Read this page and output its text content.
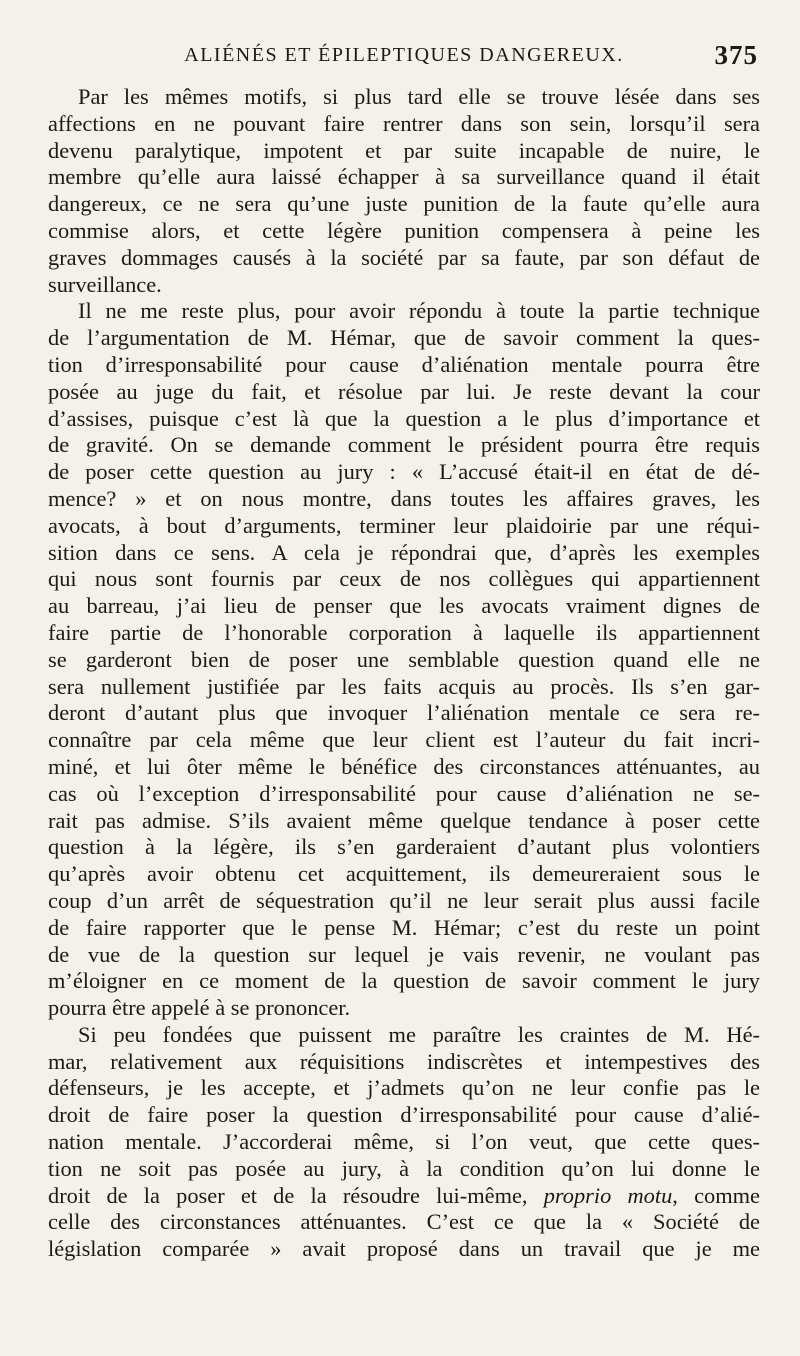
ALIÉNÉS ET ÉPILEPTIQUES DANGEREUX.	375
Par les mêmes motifs, si plus tard elle se trouve lésée dans ses
affections en ne pouvant faire rentrer dans son sein, lorsqu’il sera
devenu paralytique, impotent et par suite incapable de nuire, le
membre qu’elle aura laissé échapper à sa surveillance quand il était
dangereux, ce ne sera qu’une juste punition de la faute qu’elle aura
commise alors, et cette légère punition compensera à peine les
graves dommages causés à la société par sa faute, par son défaut de
surveillance.
Il ne me reste plus, pour avoir répondu à toute la partie technique
de l’argumentation de M. Hémar, que de savoir comment la ques-
tion d’irresponsabilité pour cause d’aliénation mentale pourra être
posée au juge du fait, et résolue par lui. Je reste devant la cour
d’assises, puisque c’est là que la question a le plus d’importance et
de gravité. On se demande comment le président pourra être requis
de poser cette question au jury : « L’accusé était-il en état de dé-
mence? » et on nous montre, dans toutes les affaires graves, les
avocats, à bout d’arguments, terminer leur plaidoirie par une réqui-
sition dans ce sens. A cela je répondrai que, d’après les exemples
qui nous sont fournis par ceux de nos collègues qui appartiennent
au barreau, j’ai lieu de penser que les avocats vraiment dignes de
faire partie de l’honorable corporation à laquelle ils appartiennent
se garderont bien de poser une semblable question quand elle ne
sera nullement justifiée par les faits acquis au procès. Ils s’en gar-
deront d’autant plus que invoquer l’aliénation mentale ce sera re-
connaître par cela même que leur client est l’auteur du fait incri-
miné, et lui ôter même le bénéfice des circonstances atténuantes, au
cas où l’exception d’irresponsabilité pour cause d’aliénation ne se-
rait pas admise. S’ils avaient même quelque tendance à poser cette
question à la légère, ils s’en garderaient d’autant plus volontiers
qu’après avoir obtenu cet acquittement, ils demeureraient sous le
coup d’un arrêt de séquestration qu’il ne leur serait plus aussi facile
de faire rapporter que le pense M. Hémar; c’est du reste un point
de vue de la question sur lequel je vais revenir, ne voulant pas
m’éloigner en ce moment de la question de savoir comment le jury
pourra être appelé à se prononcer.
Si peu fondées que puissent me paraître les craintes de M. Hé-
mar, relativement aux réquisitions indiscrètes et intempestives des
défenseurs, je les accepte, et j’admets qu’on ne leur confie pas le
droit de faire poser la question d’irresponsabilité pour cause d’alié-
nation mentale. J’accorderai même, si l’on veut, que cette ques-
tion ne soit pas posée au jury, à la condition qu’on lui donne le
droit de la poser et de la résoudre lui-même, proprio motu, comme
celle des circonstances atténuantes. C’est ce que la « Société de
législation comparée » avait proposé dans un travail que je me
